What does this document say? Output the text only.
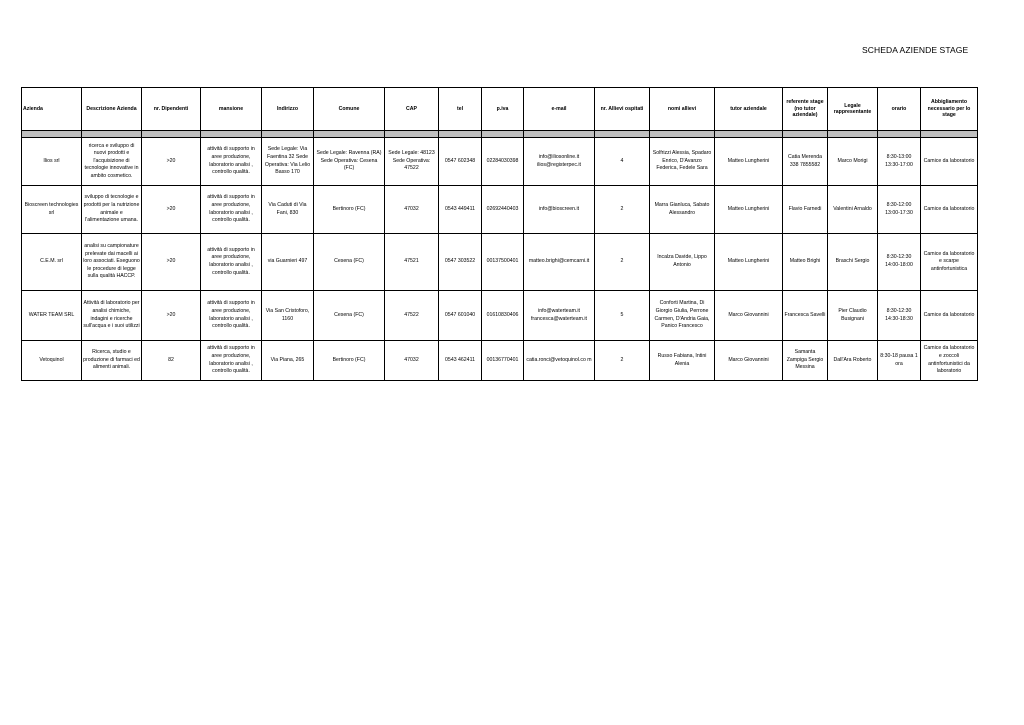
SCHEDA AZIENDE STAGE
Azienda	Descrizione Azienda	nr. Dipendenti	mansione	Indirizzo	Comune	CAP	tel	p.iva	e-mail	nr. Allievi ospitati	nomi allievi	tutor aziendale	referente stage (no tutor aziendale)	Legale rappresentante	orario	Abbigliamento necessario per lo stage

Ilios srl	ricerca e sviluppo di nuovi prodotti e l'acquisizione di tecnologie innovative in ambito cosmetico.	>20	attività di supporto in aree produzione, laboratorio analisi , controllo qualità.	Sede Legale: Via Faentina 32 Sede Operativa: Via Lelio Basso 170	Sede Legale: Ravenna (RA) Sede Operativa: Cesena (FC)	Sede Legale: 48123 Sede Operativa: 47522	0547 602348	02284030398	info@iliosonline.it ilios@registerpec.it	4	Solfrizzi Alessia, Spadaro Enrico, D'Avanzo Federica, Fedele Sara	Matteo Lungherini	Catia Merenda 338 7855582	Marco Morigi	8:30-13:00 13:30-17:00	Camice da laboratorio
Bioscreen technologies srl	sviluppo di tecnologie e prodotti per la nutrizione animale e l'alimentazione umana.	>20	attività di supporto in aree produzione, laboratorio analisi , controllo qualità.	Via Caduti di Via Fani, 830	Bertinoro (FC)	47032	0543 449411	02692440403	info@bioscreen.it	2	Marra Gianluca, Sabato Alessandro	Matteo Lungherini	Flavio Farnedi	Valentini Arnaldo	8:30-12:00 13:00-17:30	Camice da laboratorio
C.E.M. srl	analisi su campionature prelevate dai macelli ai loro associati. Eseguono le procedure di legge sulla qualità HACCP.	>20	attività di supporto in aree produzione, laboratorio analisi , controllo qualità.	via Guarnieri 497	Cesena (FC)	47521	0547 303522	00137500401	matteo.brighi@cemcarni.it	2	Incalza Davide, Lippo Antonio	Matteo Lungherini	Matteo Brighi	Braschi Sergio	8:30-12:30 14:00-18:00	Camice da laboratorio e scarpe antinfortunistica
WATER TEAM SRL	Attività di laboratorio per analisi chimiche, indagini e ricerche sull'acqua e i suoi utilizzi	>20	attività di supporto in aree produzione, laboratorio analisi , controllo qualità.	Via San Cristoforo, 1160	Cesena (FC)	47522	0547 601040	01610830406	info@waterteam.it francesca@waterteam.it	5	Conforti Martina, Di Giorgio Giulia, Perrone Carmen, D'Andria Gaia, Panico Francesco	Marco Giovannini	Francesca Savelli	Pier Claudio Busignani	8:30-12:30 14:30-18:30	Camice da laboratorio
Vetoquinol	Ricerca, studio e produzione di farmaci ed alimenti animali.	82	attività di supporto in aree produzione, laboratorio analisi , controllo qualità.	Via Piana, 265	Bertinoro (FC)	47032	0543 462411	00136770401	catia.ronci@vetoquinol.co m	2	Russo Fabiana, Intini Alenia	Marco Giovannini	Samanta Zampiga Sergio Messina	Dall'Ara Roberto	8:30-18 pausa 1 ora	Camice da laboratorio e zoccoli antinfortunistici da laboratorio
